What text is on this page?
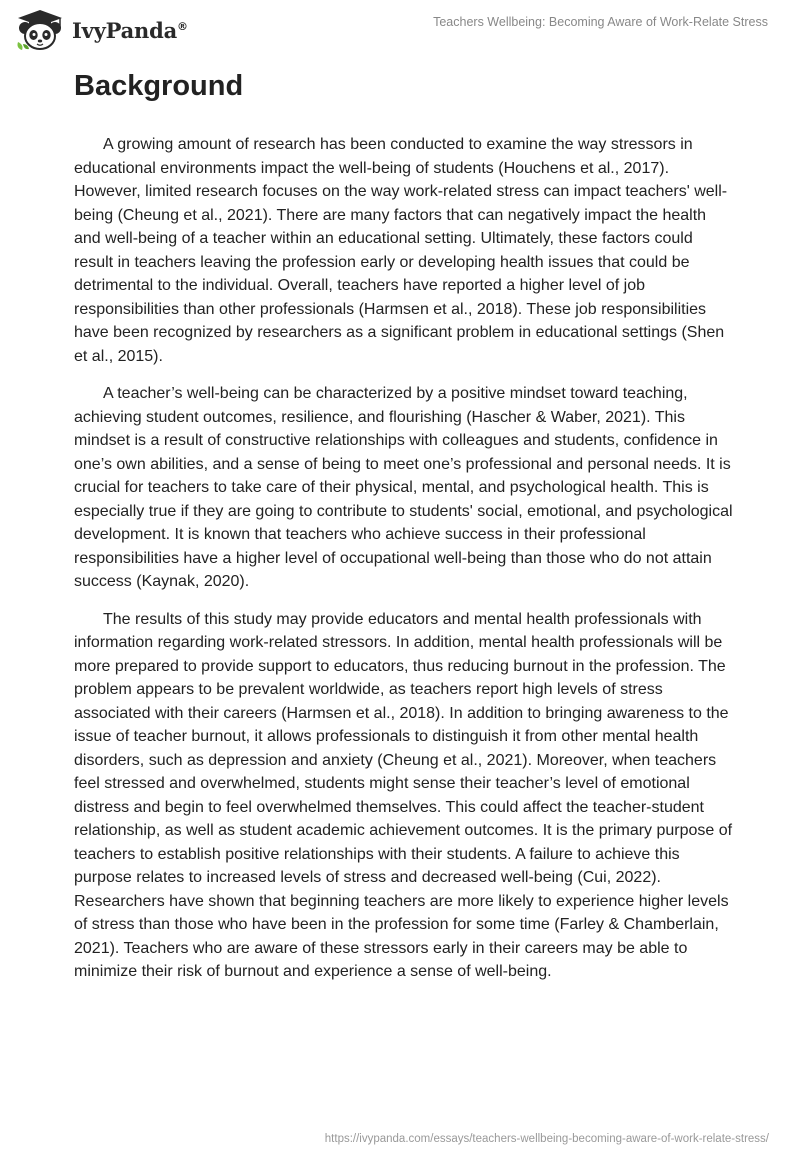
IvyPanda®	Teachers Wellbeing: Becoming Aware of Work-Relate Stress
Background

A growing amount of research has been conducted to examine the way stressors in educational environments impact the well-being of students (Houchens et al., 2017). However, limited research focuses on the way work-related stress can impact teachers' well-being (Cheung et al., 2021). There are many factors that can negatively impact the health and well-being of a teacher within an educational setting. Ultimately, these factors could result in teachers leaving the profession early or developing health issues that could be detrimental to the individual. Overall, teachers have reported a higher level of job responsibilities than other professionals (Harmsen et al., 2018). These job responsibilities have been recognized by researchers as a significant problem in educational settings (Shen et al., 2015).

A teacher’s well-being can be characterized by a positive mindset toward teaching, achieving student outcomes, resilience, and flourishing (Hascher & Waber, 2021). This mindset is a result of constructive relationships with colleagues and students, confidence in one’s own abilities, and a sense of being to meet one’s professional and personal needs. It is crucial for teachers to take care of their physical, mental, and psychological health. This is especially true if they are going to contribute to students' social, emotional, and psychological development. It is known that teachers who achieve success in their professional responsibilities have a higher level of occupational well-being than those who do not attain success (Kaynak, 2020).

The results of this study may provide educators and mental health professionals with information regarding work-related stressors. In addition, mental health professionals will be more prepared to provide support to educators, thus reducing burnout in the profession. The problem appears to be prevalent worldwide, as teachers report high levels of stress associated with their careers (Harmsen et al., 2018). In addition to bringing awareness to the issue of teacher burnout, it allows professionals to distinguish it from other mental health disorders, such as depression and anxiety (Cheung et al., 2021). Moreover, when teachers feel stressed and overwhelmed, students might sense their teacher’s level of emotional distress and begin to feel overwhelmed themselves. This could affect the teacher-student relationship, as well as student academic achievement outcomes. It is the primary purpose of teachers to establish positive relationships with their students. A failure to achieve this purpose relates to increased levels of stress and decreased well-being (Cui, 2022). Researchers have shown that beginning teachers are more likely to experience higher levels of stress than those who have been in the profession for some time (Farley & Chamberlain, 2021). Teachers who are aware of these stressors early in their careers may be able to minimize their risk of burnout and experience a sense of well-being.

https://ivypanda.com/essays/teachers-wellbeing-becoming-aware-of-work-relate-stress/
